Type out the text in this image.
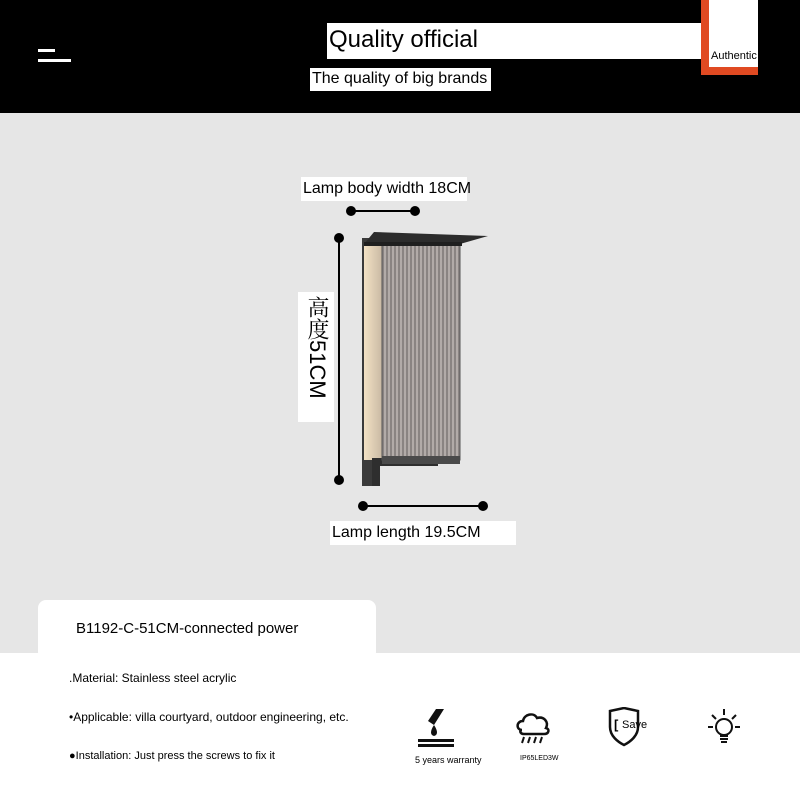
Quality official
The quality of big brands
Authentic
Lamp body width 18CM
高度51CM
Lamp length 19.5CM
B1192-C-51CM-connected power
.Material: Stainless steel acrylic
•Applicable: villa courtyard, outdoor engineering, etc.
●Installation: Just press the screws to fix it	5 years warranty	IP65LED3W
[ Save
